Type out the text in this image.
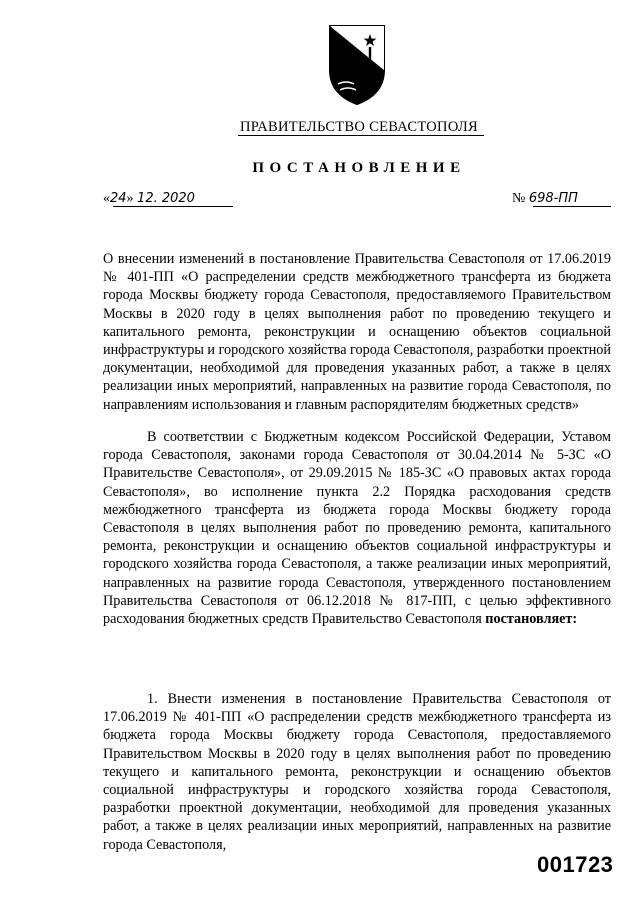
ПРАВИТЕЛЬСТВО СЕВАСТОПОЛЯ
ПОСТАНОВЛЕНИЕ
«24» 12. 2020	№ 698-ПП

О внесении изменений в постановление Правительства Севастополя от 17.06.2019 № 401-ПП «О распределении средств межбюджетного трансферта из бюджета города Москвы бюджету города Севастополя, предоставляемого Правительством Москвы в 2020 году в целях выполнения работ по проведению текущего и капитального ремонта, реконструкции и оснащению объектов социальной инфраструктуры и городского хозяйства города Севастополя, разработки проектной документации, необходимой для проведения указанных работ, а также в целях реализации иных мероприятий, направленных на развитие города Севастополя, по направлениям использования и главным распорядителям бюджетных средств»

В соответствии с Бюджетным кодексом Российской Федерации, Уставом города Севастополя, законами города Севастополя от 30.04.2014 № 5-ЗС «О Правительстве Севастополя», от 29.09.2015 № 185-ЗС «О правовых актах города Севастополя», во исполнение пункта 2.2 Порядка расходования средств межбюджетного трансферта из бюджета города Москвы бюджету города Севастополя в целях выполнения работ по проведению ремонта, капитального ремонта, реконструкции и оснащению объектов социальной инфраструктуры и городского хозяйства города Севастополя, а также реализации иных мероприятий, направленных на развитие города Севастополя, утвержденного постановлением Правительства Севастополя от 06.12.2018 № 817-ПП, с целью эффективного расходования бюджетных средств Правительство Севастополя постановляет:

1. Внести изменения в постановление Правительства Севастополя от 17.06.2019 № 401-ПП «О распределении средств межбюджетного трансферта из бюджета города Москвы бюджету города Севастополя, предоставляемого Правительством Москвы в 2020 году в целях выполнения работ по проведению текущего и капитального ремонта, реконструкции и оснащению объектов социальной инфраструктуры и городского хозяйства города Севастополя, разработки проектной документации, необходимой для проведения указанных работ, а также в целях реализации иных мероприятий, направленных на развитие города Севастополя,

001723
